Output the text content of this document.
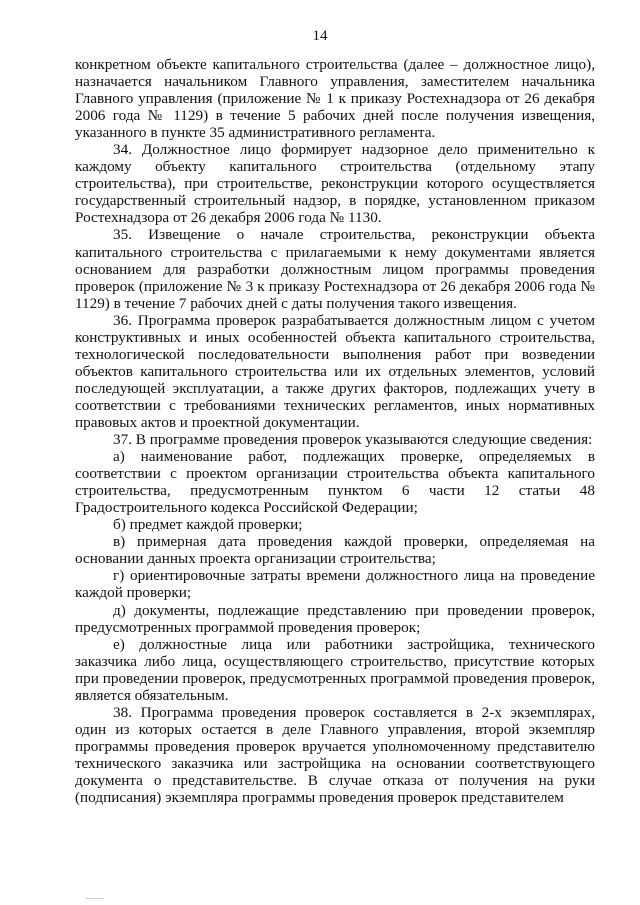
14

конкретном объекте капитального строительства (далее – должностное лицо), назначается начальником Главного управления, заместителем начальника Главного управления (приложение № 1 к приказу Ростехнадзора от 26 декабря 2006 года № 1129) в течение 5 рабочих дней после получения извещения, указанного в пункте 35 административного регламента.

34. Должностное лицо формирует надзорное дело применительно к каждому объекту капитального строительства (отдельному этапу строительства), при строительстве, реконструкции которого осуществляется государственный строительный надзор, в порядке, установленном приказом Ростехнадзора от 26 декабря 2006 года № 1130.

35. Извещение о начале строительства, реконструкции объекта капитального строительства с прилагаемыми к нему документами является основанием для разработки должностным лицом программы проведения проверок (приложение № 3 к приказу Ростехнадзора от 26 декабря 2006 года № 1129) в течение 7 рабочих дней с даты получения такого извещения.

36. Программа проверок разрабатывается должностным лицом с учетом конструктивных и иных особенностей объекта капитального строительства, технологической последовательности выполнения работ при возведении объектов капитального строительства или их отдельных элементов, условий последующей эксплуатации, а также других факторов, подлежащих учету в соответствии с требованиями технических регламентов, иных нормативных правовых актов и проектной документации.

37. В программе проведения проверок указываются следующие сведения:

а) наименование работ, подлежащих проверке, определяемых в соответствии с проектом организации строительства объекта капитального строительства, предусмотренным пунктом 6 части 12 статьи 48 Градостроительного кодекса Российской Федерации;

б) предмет каждой проверки;

в) примерная дата проведения каждой проверки, определяемая на основании данных проекта организации строительства;

г) ориентировочные затраты времени должностного лица на проведение каждой проверки;

д) документы, подлежащие представлению при проведении проверок, предусмотренных программой проведения проверок;

е) должностные лица или работники застройщика, технического заказчика либо лица, осуществляющего строительство, присутствие которых при проведении проверок, предусмотренных программой проведения проверок, является обязательным.

38. Программа проведения проверок составляется в 2-х экземплярах, один из которых остается в деле Главного управления, второй экземпляр программы проведения проверок вручается уполномоченному представителю технического заказчика или застройщика на основании соответствующего документа о представительстве. В случае отказа от получения на руки (подписания) экземпляра программы проведения проверок представителем
